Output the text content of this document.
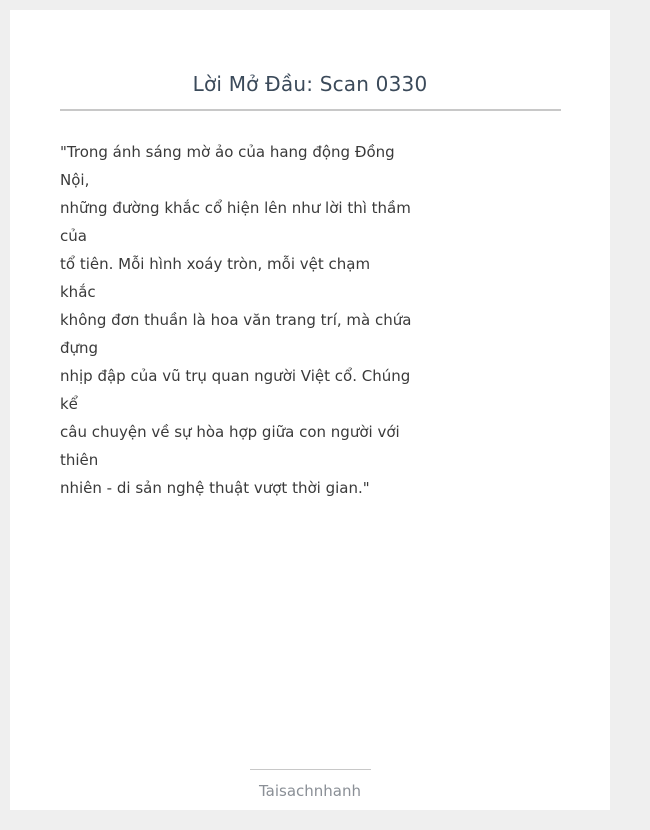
Lời Mở Đầu: Scan 0330
"Trong ánh sáng mờ ảo của hang động Đồng Nội,
những đường khắc cổ hiện lên như lời thì thầm
của
tổ tiên. Mỗi hình xoáy tròn, mỗi vệt chạm
khắc
không đơn thuần là hoa văn trang trí, mà chứa
đựng
nhịp đập của vũ trụ quan người Việt cổ. Chúng
kể
câu chuyện về sự hòa hợp giữa con người với
thiên
nhiên - di sản nghệ thuật vượt thời gian."
Taisachnhanh
